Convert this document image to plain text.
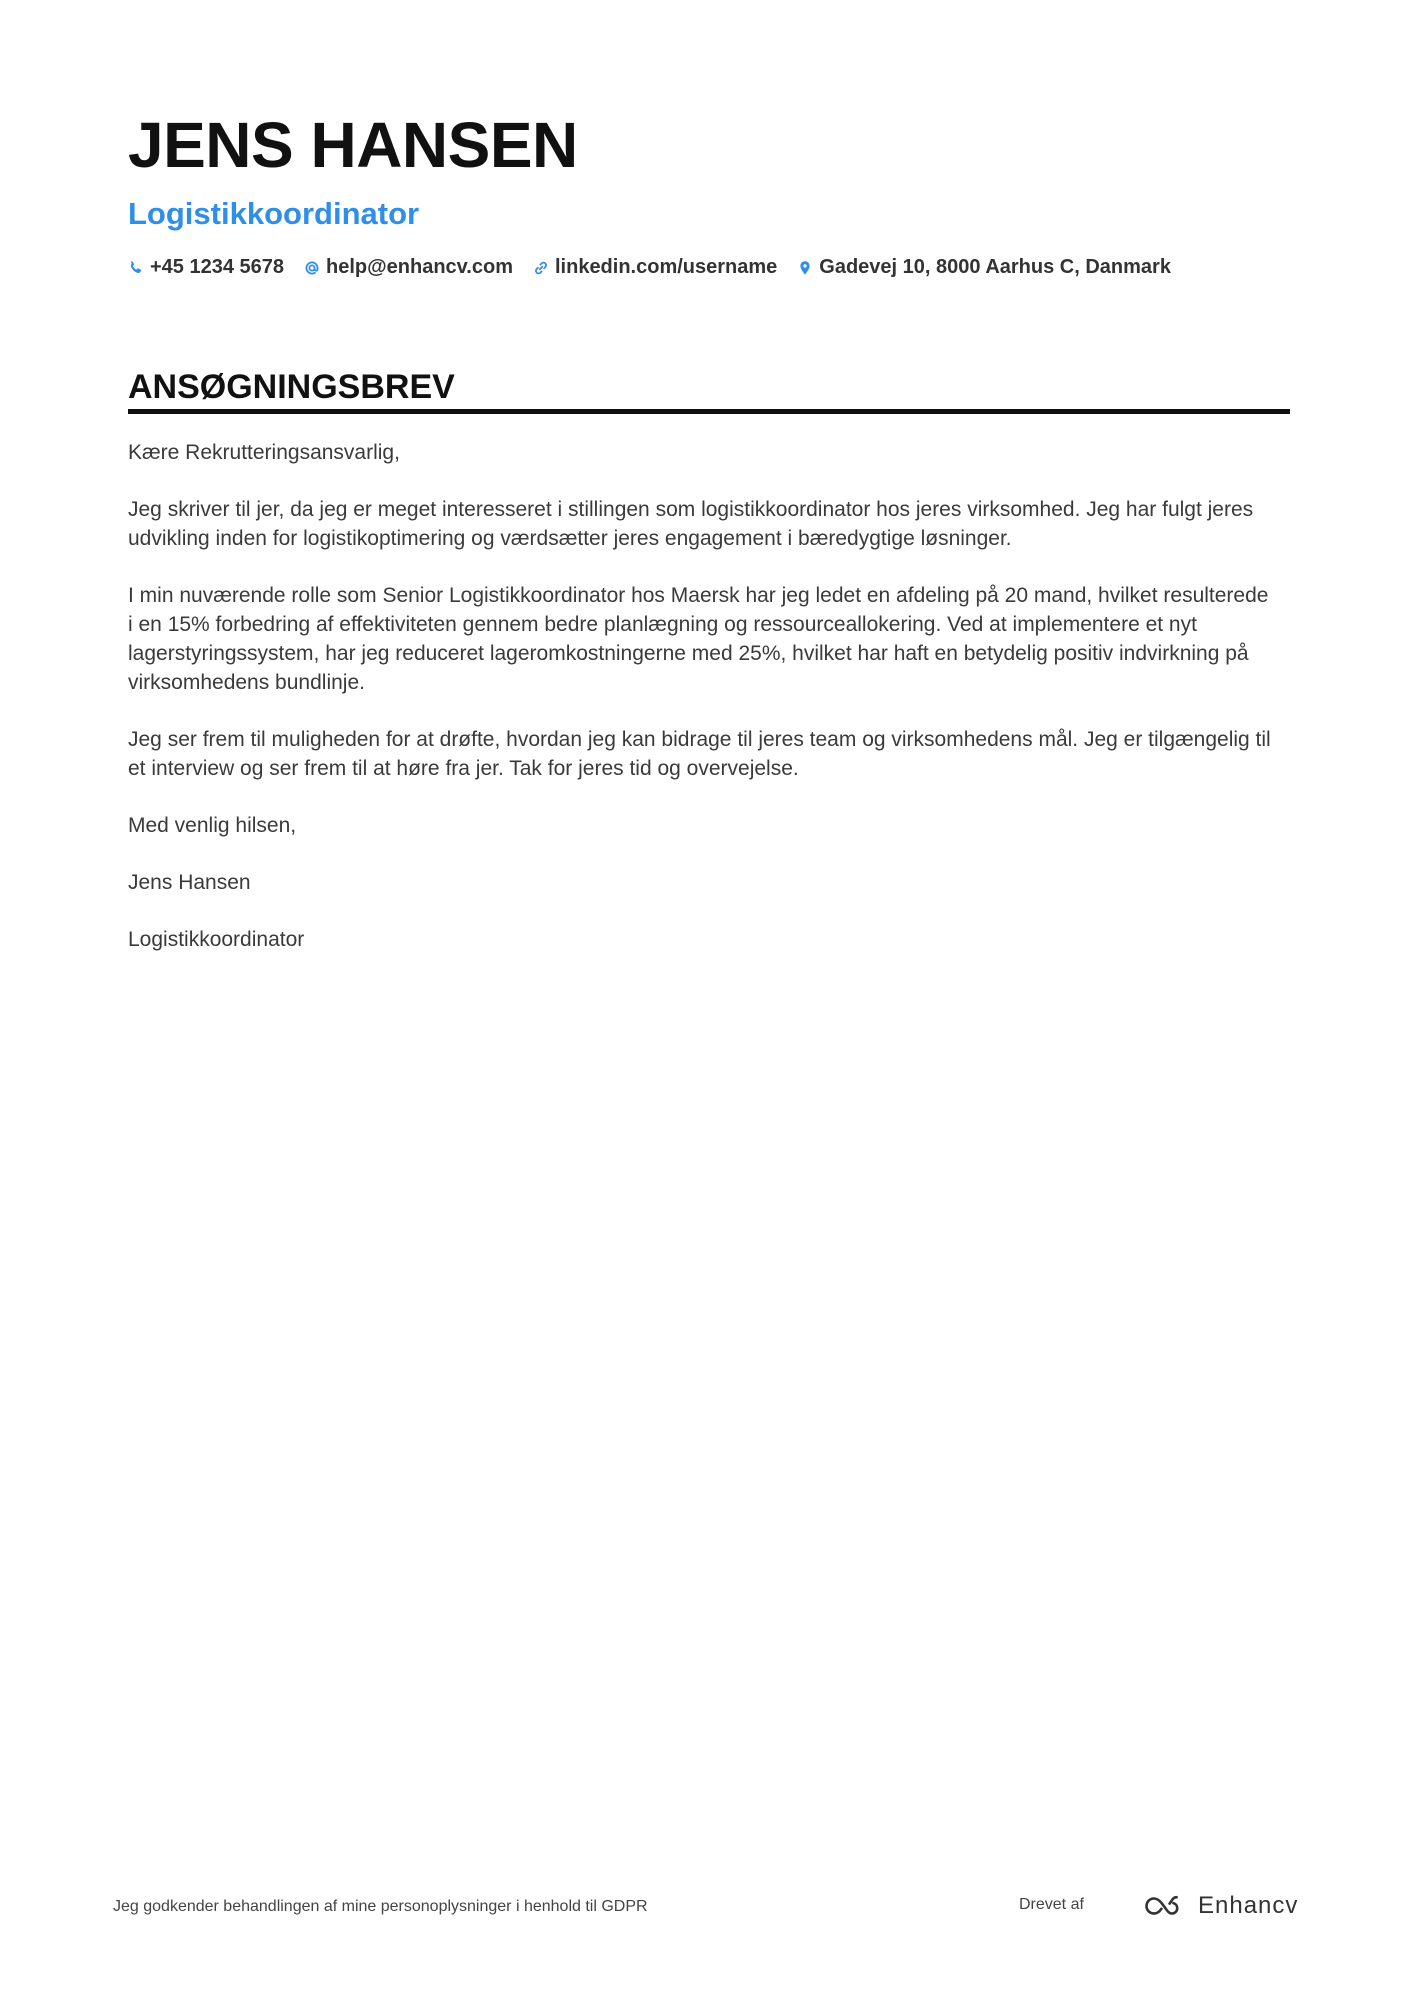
JENS HANSEN
Logistikkoordinator
+45 1234 5678 help@enhancv.com linkedin.com/username Gadevej 10, 8000 Aarhus C, Danmark
ANSØGNINGSBREV

Kære Rekrutteringsansvarlig,

Jeg skriver til jer, da jeg er meget interesseret i stillingen som logistikkoordinator hos jeres virksomhed. Jeg har fulgt jeres udvikling inden for logistikoptimering og værdsætter jeres engagement i bæredygtige løsninger.

I min nuværende rolle som Senior Logistikkoordinator hos Maersk har jeg ledet en afdeling på 20 mand, hvilket resulterede i en 15% forbedring af effektiviteten gennem bedre planlægning og ressourceallokering. Ved at implementere et nyt lagerstyringssystem, har jeg reduceret lageromkostningerne med 25%, hvilket har haft en betydelig positiv indvirkning på virksomhedens bundlinje.

Jeg ser frem til muligheden for at drøfte, hvordan jeg kan bidrage til jeres team og virksomhedens mål. Jeg er tilgængelig til et interview og ser frem til at høre fra jer. Tak for jeres tid og overvejelse.

Med venlig hilsen,

Jens Hansen

Logistikkoordinator

Jeg godkender behandlingen af mine personoplysninger i henhold til GDPR	Drevet af	Enhancv
